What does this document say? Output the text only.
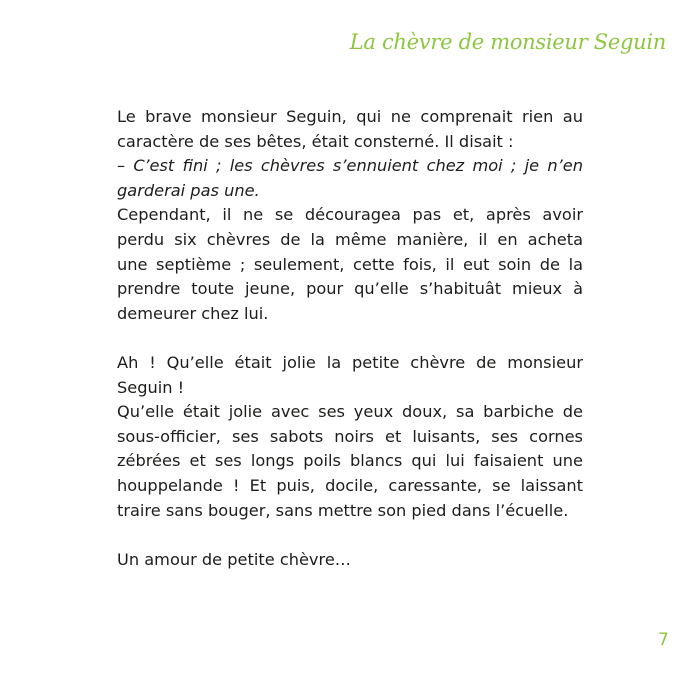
La chèvre de monsieur Seguin
Le brave monsieur Seguin, qui ne comprenait rien au
caractère de ses bêtes, était consterné. Il disait :
– C’est fini ; les chèvres s’ennuient chez moi ; je n’en
garderai pas une.
Cependant, il ne se découragea pas et, après avoir
perdu six chèvres de la même manière, il en acheta
une septième ; seulement, cette fois, il eut soin de la
prendre toute jeune, pour qu’elle s’habituât mieux à
demeurer chez lui.
Ah ! Qu’elle était jolie la petite chèvre de monsieur
Seguin !
Qu’elle était jolie avec ses yeux doux, sa barbiche de
sous-officier, ses sabots noirs et luisants, ses cornes
zébrées et ses longs poils blancs qui lui faisaient une
houppelande ! Et puis, docile, caressante, se laissant
traire sans bouger, sans mettre son pied dans l’écuelle.
Un amour de petite chèvre…
7
